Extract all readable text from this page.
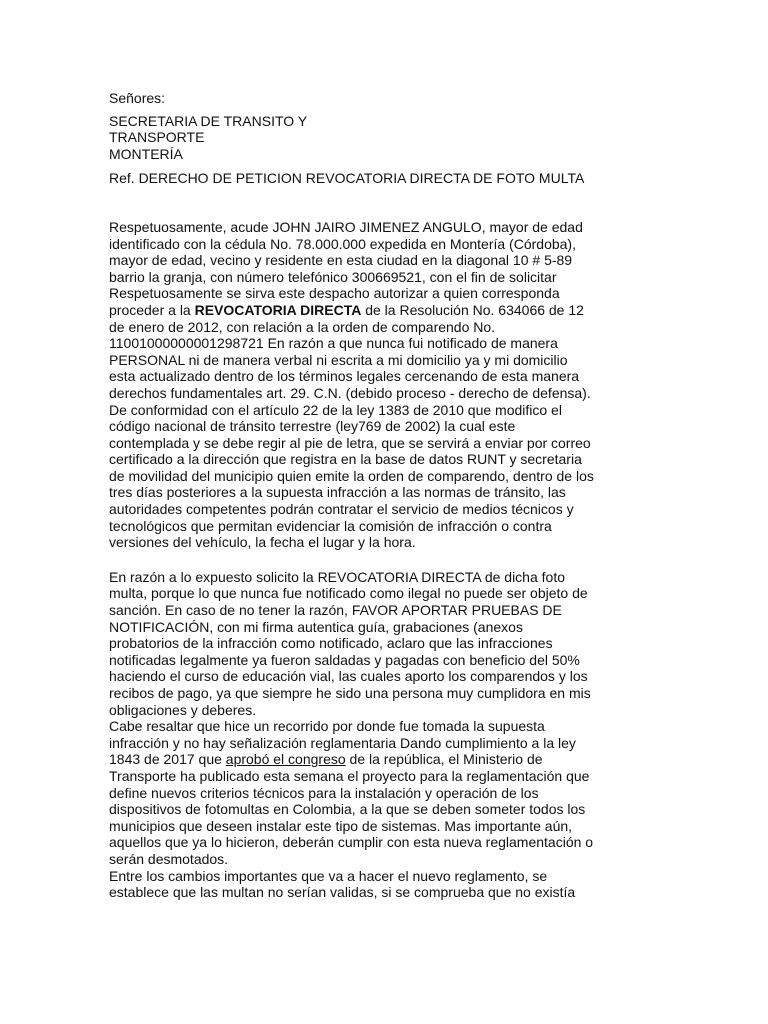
Señores:

SECRETARIA DE TRANSITO Y
TRANSPORTE
MONTERÍA

Ref. DERECHO DE PETICION REVOCATORIA DIRECTA DE FOTO MULTA

Respetuosamente, acude JOHN JAIRO JIMENEZ ANGULO, mayor de edad
identificado con la cédula No. 78.000.000 expedida en Montería (Córdoba),
mayor de edad, vecino y residente en esta ciudad en la diagonal 10 # 5-89
barrio la granja, con número telefónico 300669521, con el fin de solicitar
Respetuosamente se sirva este despacho autorizar a quien corresponda
proceder a la REVOCATORIA DIRECTA de la Resolución No. 634066 de 12
de enero de 2012, con relación a la orden de comparendo No.
11001000000001298721 En razón a que nunca fui notificado de manera
PERSONAL ni de manera verbal ni escrita a mi domicilio ya y mi domicilio
esta actualizado dentro de los términos legales cercenando de esta manera
derechos fundamentales art. 29. C.N. (debido proceso - derecho de defensa).
De conformidad con el artículo 22 de la ley 1383 de 2010 que modifico el
código nacional de tránsito terrestre (ley769 de 2002) la cual este
contemplada y se debe regir al pie de letra, que se servirá a enviar por correo
certificado a la dirección que registra en la base de datos RUNT y secretaria
de movilidad del municipio quien emite la orden de comparendo, dentro de los
tres días posteriores a la supuesta infracción a las normas de tránsito, las
autoridades competentes podrán contratar el servicio de medios técnicos y
tecnológicos que permitan evidenciar la comisión de infracción o contra
versiones del vehículo, la fecha el lugar y la hora.

En razón a lo expuesto solicito la REVOCATORIA DIRECTA de dicha foto
multa, porque lo que nunca fue notificado como ilegal no puede ser objeto de
sanción. En caso de no tener la razón, FAVOR APORTAR PRUEBAS DE
NOTIFICACIÓN, con mi firma autentica guía, grabaciones (anexos
probatorios de la infracción como notificado, aclaro que las infracciones
notificadas legalmente ya fueron saldadas y pagadas con beneficio del 50%
haciendo el curso de educación vial, las cuales aporto los comparendos y los
recibos de pago, ya que siempre he sido una persona muy cumplidora en mis
obligaciones y deberes.

Cabe resaltar que hice un recorrido por donde fue tomada la supuesta
infracción y no hay señalización reglamentaria Dando cumplimiento a la ley
1843 de 2017 que aprobó el congreso de la república, el Ministerio de
Transporte ha publicado esta semana el proyecto para la reglamentación que
define nuevos criterios técnicos para la instalación y operación de los
dispositivos de fotomultas en Colombia, a la que se deben someter todos los
municipios que deseen instalar este tipo de sistemas. Mas importante aún,
aquellos que ya lo hicieron, deberán cumplir con esta nueva reglamentación o
serán desmotados.

Entre los cambios importantes que va a hacer el nuevo reglamento, se
establece que las multan no serían validas, si se comprueba que no existía
